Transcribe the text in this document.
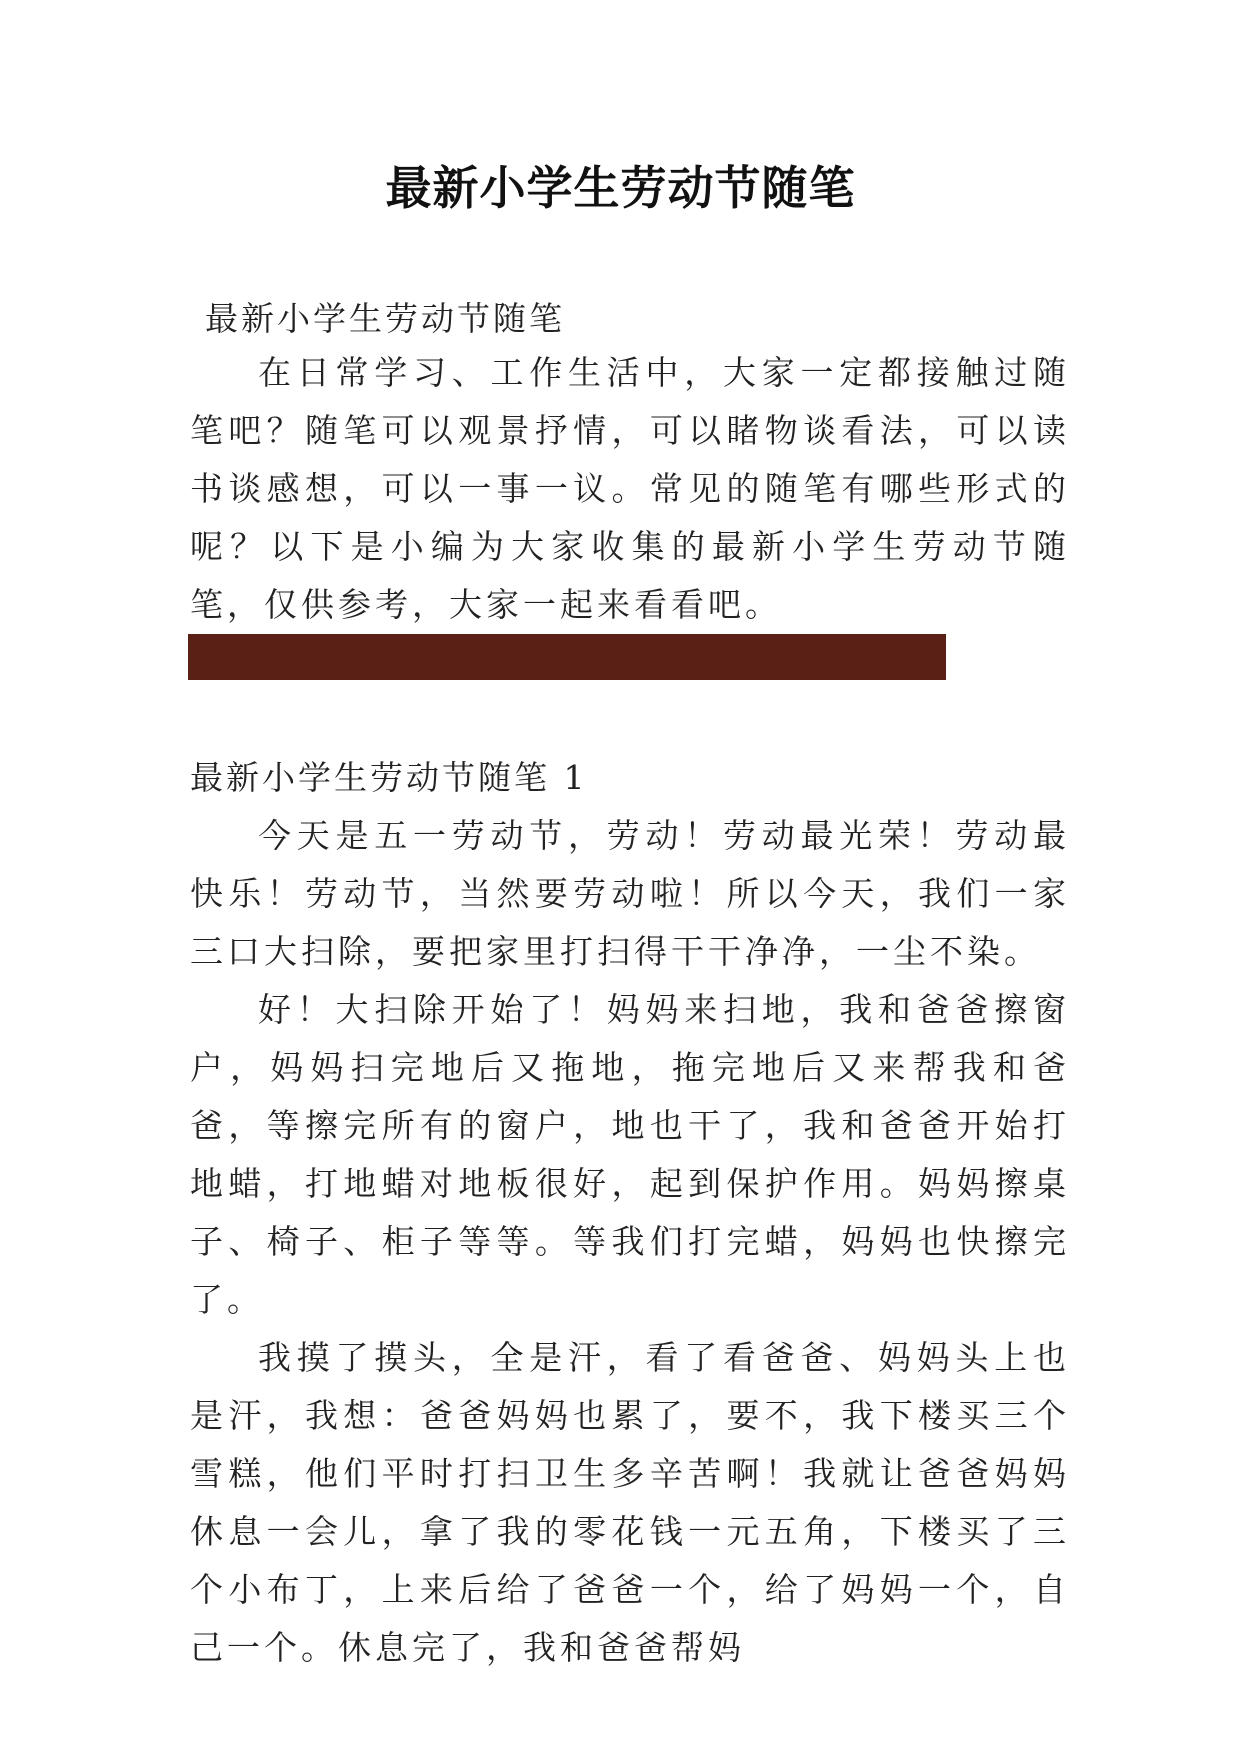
最新小学生劳动节随笔
最新小学生劳动节随笔

在日常学习、工作生活中，大家一定都接触过随笔吧？随笔可以观景抒情，可以睹物谈看法，可以读书谈感想，可以一事一议。常见的随笔有哪些形式的呢？以下是小编为大家收集的最新小学生劳动节随笔，仅供参考，大家一起来看看吧。

最新小学生劳动节随笔 1

今天是五一劳动节，劳动！劳动最光荣！劳动最快乐！劳动节，当然要劳动啦！所以今天，我们一家三口大扫除，要把家里打扫得干干净净，一尘不染。

好！大扫除开始了！妈妈来扫地，我和爸爸擦窗户，妈妈扫完地后又拖地，拖完地后又来帮我和爸爸，等擦完所有的窗户，地也干了，我和爸爸开始打地蜡，打地蜡对地板很好，起到保护作用。妈妈擦桌子、椅子、柜子等等。等我们打完蜡，妈妈也快擦完了。

我摸了摸头，全是汗，看了看爸爸、妈妈头上也是汗，我想：爸爸妈妈也累了，要不，我下楼买三个雪糕，他们平时打扫卫生多辛苦啊！我就让爸爸妈妈休息一会儿，拿了我的零花钱一元五角，下楼买了三个小布丁，上来后给了爸爸一个，给了妈妈一个，自己一个。休息完了，我和爸爸帮妈
